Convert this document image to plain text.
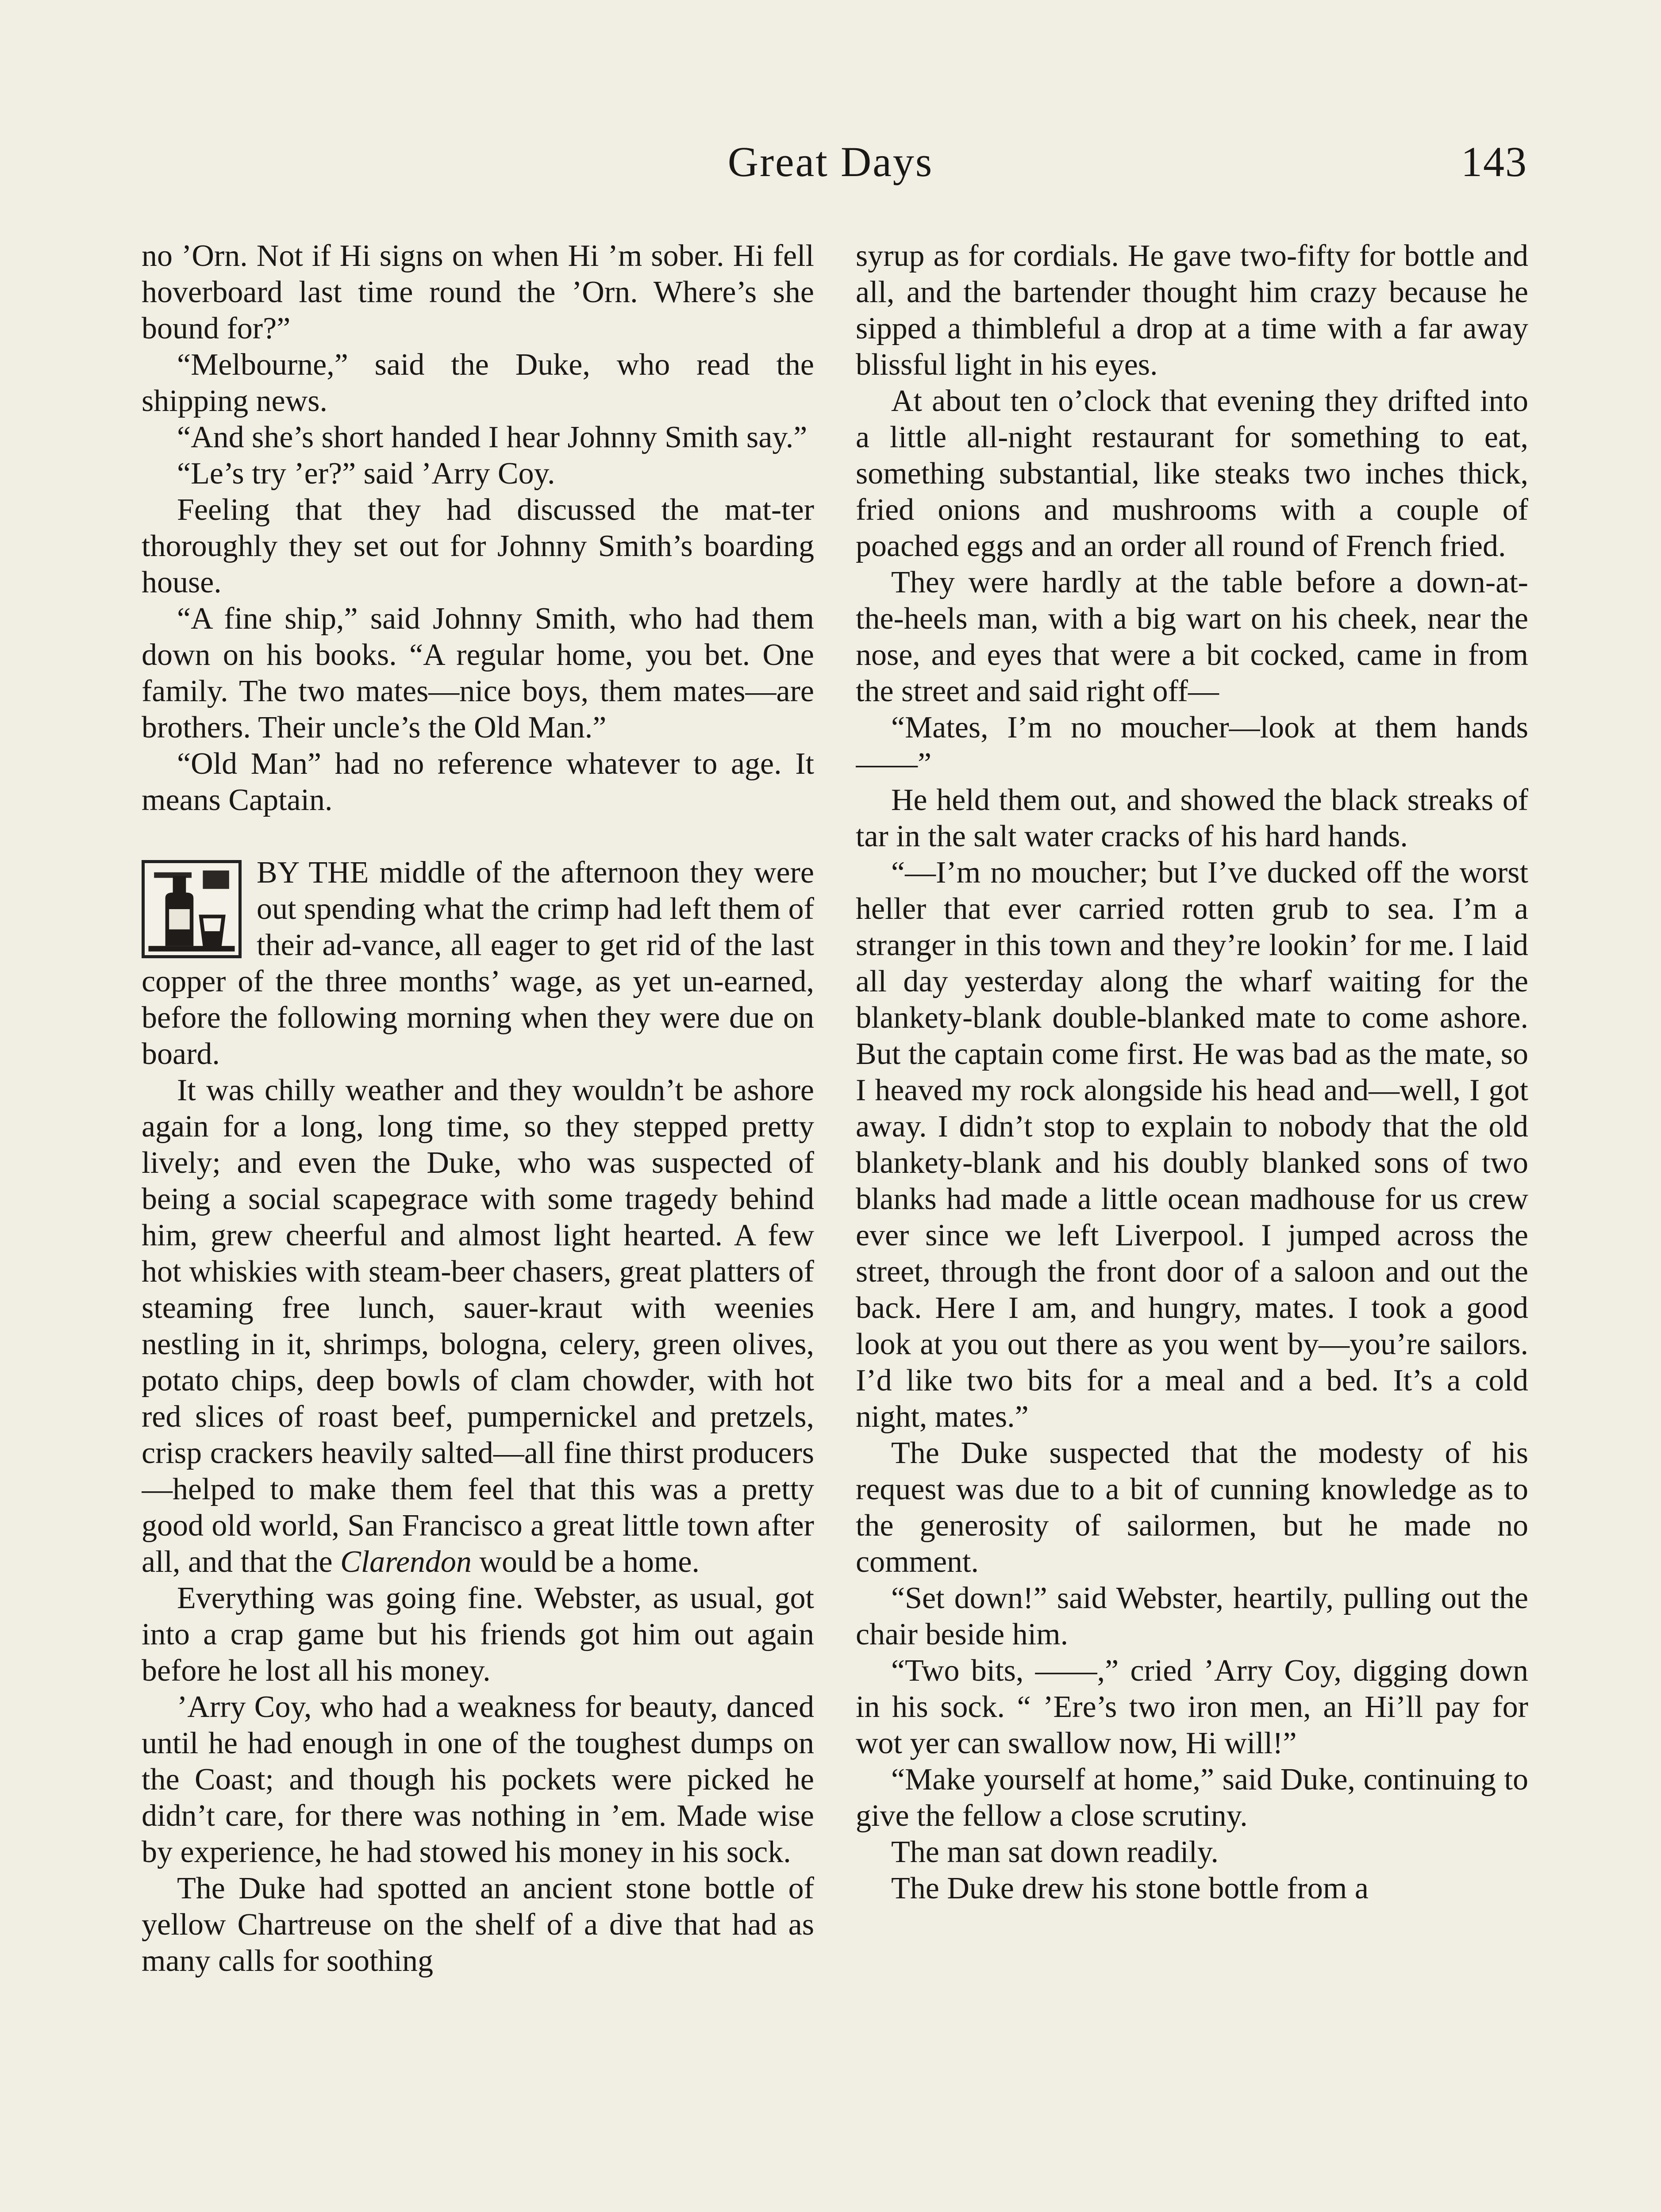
Great Days	143

no ’Orn. Not if Hi signs on when Hi ’m sober. Hi fell hoverboard last time round the ’Orn. Where’s she bound for?”

“Melbourne,” said the Duke, who read the shipping news.

“And she’s short handed I hear Johnny Smith say.”

“Le’s try ’er?” said ’Arry Coy.

Feeling that they had discussed the mat-ter thoroughly they set out for Johnny Smith’s boarding house.

“A fine ship,” said Johnny Smith, who had them down on his books. “A regular home, you bet. One family. The two mates—nice boys, them mates—are brothers. Their uncle’s the Old Man.”

“Old Man” had no reference whatever to age. It means Captain.

BY THE middle of the afternoon they were out spending what the crimp had left them of their ad-vance, all eager to get rid of the last copper of the three months’ wage, as yet un-earned, before the following morning when they were due on board.

It was chilly weather and they wouldn’t be ashore again for a long, long time, so they stepped pretty lively; and even the Duke, who was suspected of being a social scapegrace with some tragedy behind him, grew cheerful and almost light hearted. A few hot whiskies with steam-beer chasers, great platters of steaming free lunch, sauer-kraut with weenies nestling in it, shrimps, bologna, celery, green olives, potato chips, deep bowls of clam chowder, with hot red slices of roast beef, pumpernickel and pretzels, crisp crackers heavily salted—all fine thirst producers—helped to make them feel that this was a pretty good old world, San Francisco a great little town after all, and that the Clarendon would be a home.

Everything was going fine. Webster, as usual, got into a crap game but his friends got him out again before he lost all his money.

’Arry Coy, who had a weakness for beauty, danced until he had enough in one of the toughest dumps on the Coast; and though his pockets were picked he didn’t care, for there was nothing in ’em. Made wise by experience, he had stowed his money in his sock.

The Duke had spotted an ancient stone bottle of yellow Chartreuse on the shelf of a dive that had as many calls for soothing

syrup as for cordials. He gave two-fifty for bottle and all, and the bartender thought him crazy because he sipped a thimbleful a drop at a time with a far away blissful light in his eyes.

At about ten o’clock that evening they drifted into a little all-night restaurant for something to eat, something substantial, like steaks two inches thick, fried onions and mushrooms with a couple of poached eggs and an order all round of French fried.

They were hardly at the table before a down-at-the-heels man, with a big wart on his cheek, near the nose, and eyes that were a bit cocked, came in from the street and said right off—

“Mates, I’m no moucher—look at them hands——”

He held them out, and showed the black streaks of tar in the salt water cracks of his hard hands.

“—I’m no moucher; but I’ve ducked off the worst heller that ever carried rotten grub to sea. I’m a stranger in this town and they’re lookin’ for me. I laid all day yesterday along the wharf waiting for the blankety-blank double-blanked mate to come ashore. But the captain come first. He was bad as the mate, so I heaved my rock alongside his head and—well, I got away. I didn’t stop to explain to nobody that the old blankety-blank and his doubly blanked sons of two blanks had made a little ocean madhouse for us crew ever since we left Liverpool. I jumped across the street, through the front door of a saloon and out the back. Here I am, and hungry, mates. I took a good look at you out there as you went by—you’re sailors. I’d like two bits for a meal and a bed. It’s a cold night, mates.”

The Duke suspected that the modesty of his request was due to a bit of cunning knowledge as to the generosity of sailormen, but he made no comment.

“Set down!” said Webster, heartily, pulling out the chair beside him.

“Two bits, ——,” cried ’Arry Coy, digging down in his sock. “ ’Ere’s two iron men, an Hi’ll pay for wot yer can swallow now, Hi will!”

“Make yourself at home,” said Duke, continuing to give the fellow a close scrutiny.

The man sat down readily.

The Duke drew his stone bottle from a
